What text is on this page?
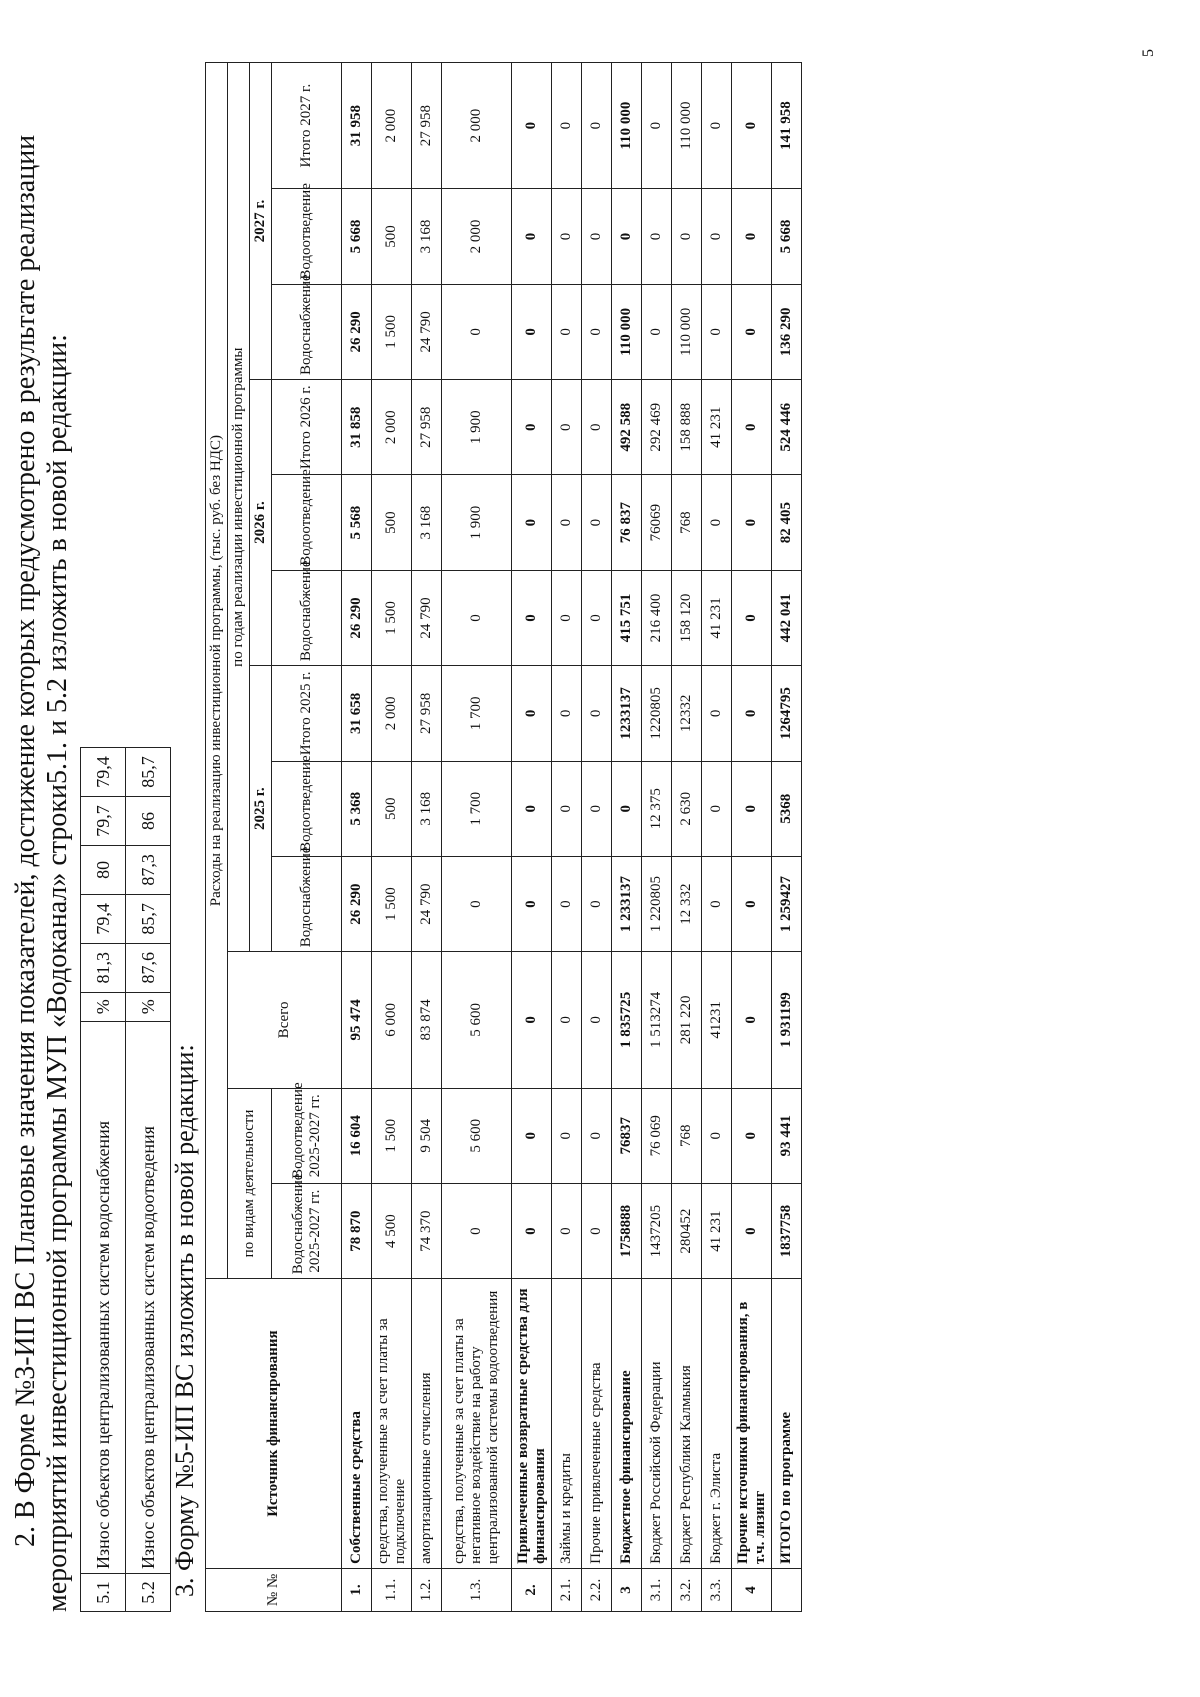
5
2. В Форме №3-ИП ВС Плановые значения показателей, достижение которых предусмотрено в результате реализации мероприятий инвестиционной программы МУП «Водоканал» строки5.1. и 5.2 изложить в новой редакции: 5.1	Износ объектов централизованных систем водоснабжения	%	81,3	79,4	80	79,7	79,4
5.2	Износ объектов централизованных систем водоотведения	%	87,6	85,7	87,3	86	85,7
3. Форму №5-ИП ВС изложить в новой редакции:	№ №	Источник финансирования	Расходы на реализацию инвестиционной программы, (тыс. руб. без НДС)											
		по видам деятельности		Всего	по годам реализации инвестиционной программы								
					2025 г.			2026 г.			2027 г.		
		Водоснабжение 2025-2027 гг.	Водоотведение 2025-2027 гг.		Водоснабжение	Водоотведение	Итого 2025 г.	Водоснабжение	Водоотведение	Итого 2026 г.	Водоснабжение	Водоотведение	Итого 2027 г.
1.	Собственные средства	78 870	16 604	95 474	26 290	5 368	31 658	26 290	5 568	31 858	26 290	5 668	31 958
1.1.	средства, полученные за счет платы за подключение	4 500	1 500	6 000	1 500	500	2 000	1 500	500	2 000	1 500	500	2 000
1.2.	амортизационные отчисления	74 370	9 504	83 874	24 790	3 168	27 958	24 790	3 168	27 958	24 790	3 168	27 958
1.3.	средства, полученные за счет платы за негативное воздействие на работу централизованной системы водоотведения	0	5 600	5 600	0	1 700	1 700	0	1 900	1 900	0	2 000	2 000
2.	Привлеченные возвратные средства для финансирования	0	0	0	0	0	0	0	0	0	0	0	0
2.1.	Займы и кредиты	0	0	0	0	0	0	0	0	0	0	0	0
2.2.	Прочие привлеченные средства	0	0	0	0	0	0	0	0	0	0	0	0
3	Бюджетное финансирование	1758888	76837	1 835725	1 233137	0	1233137	415 751	76 837	492 588	110 000	0	110 000
3.1.	Бюджет Российской Федерации	1437205	76 069	1 513274	1 220805	12 375	1220805	216 400	76069	292 469	0	0	0
3.2.	Бюджет Республики Калмыкия	280452	768	281 220	12 332	2 630	12332	158 120	768	158 888	110 000	0	110 000
3.3.	Бюджет г. Элиста	41 231	0	41231	0	0	0	41 231	0	41 231	0	0	0
4	Прочие источники финансирования, в т.ч. лизинг	0	0	0	0	0	0	0	0	0	0	0	0
	ИТОГО по программе	1837758	93 441	1 931199	1 259427	5368	1264795	442 041	82 405	524 446	136 290	5 668	141 958
